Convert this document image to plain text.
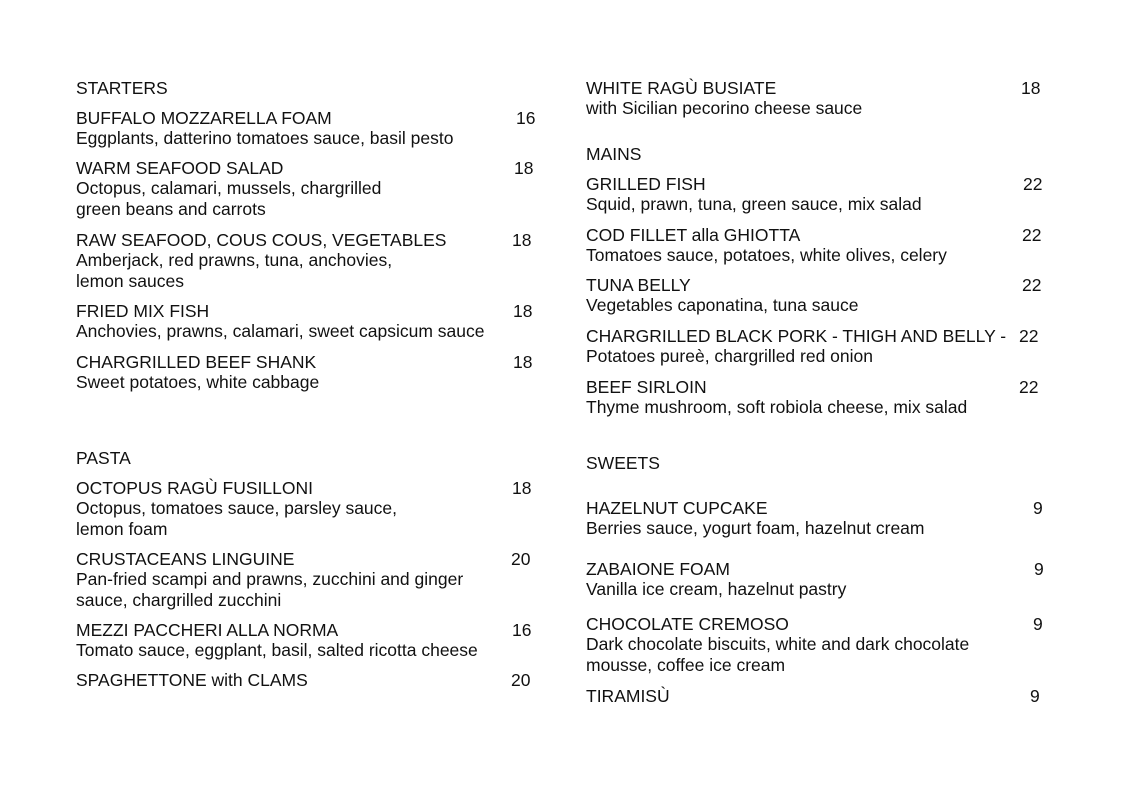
STARTERS
BUFFALO MOZZARELLA FOAM	16
Eggplants, datterino tomatoes sauce, basil pesto
WARM SEAFOOD SALAD	18
Octopus, calamari, mussels, chargrilled
green beans and carrots
RAW SEAFOOD, COUS COUS, VEGETABLES	18
Amberjack, red prawns, tuna, anchovies,
lemon sauces
FRIED MIX FISH	18
Anchovies, prawns, calamari, sweet capsicum sauce
CHARGRILLED BEEF SHANK	18
Sweet potatoes, white cabbage
PASTA
OCTOPUS RAGÙ FUSILLONI	18
Octopus, tomatoes sauce, parsley sauce,
lemon foam
CRUSTACEANS LINGUINE	20
Pan-fried scampi and prawns, zucchini and ginger
sauce, chargrilled zucchini
MEZZI PACCHERI ALLA NORMA	16
Tomato sauce, eggplant, basil, salted ricotta cheese
SPAGHETTONE with CLAMS	20
WHITE RAGÙ BUSIATE	18
with Sicilian pecorino cheese sauce
MAINS
GRILLED FISH	22
Squid, prawn, tuna, green sauce, mix salad
COD FILLET alla GHIOTTA	22
Tomatoes sauce, potatoes, white olives, celery
TUNA BELLY	22
Vegetables caponatina, tuna sauce
CHARGRILLED BLACK PORK - THIGH AND BELLY - 22
Potatoes pureè, chargrilled red onion
BEEF SIRLOIN	22
Thyme mushroom, soft robiola cheese, mix salad
SWEETS
HAZELNUT CUPCAKE	9
Berries sauce, yogurt foam, hazelnut cream
ZABAIONE FOAM	9
Vanilla ice cream, hazelnut pastry
CHOCOLATE CREMOSO	9
Dark chocolate biscuits, white and dark chocolate
mousse, coffee ice cream
TIRAMISÙ	9
